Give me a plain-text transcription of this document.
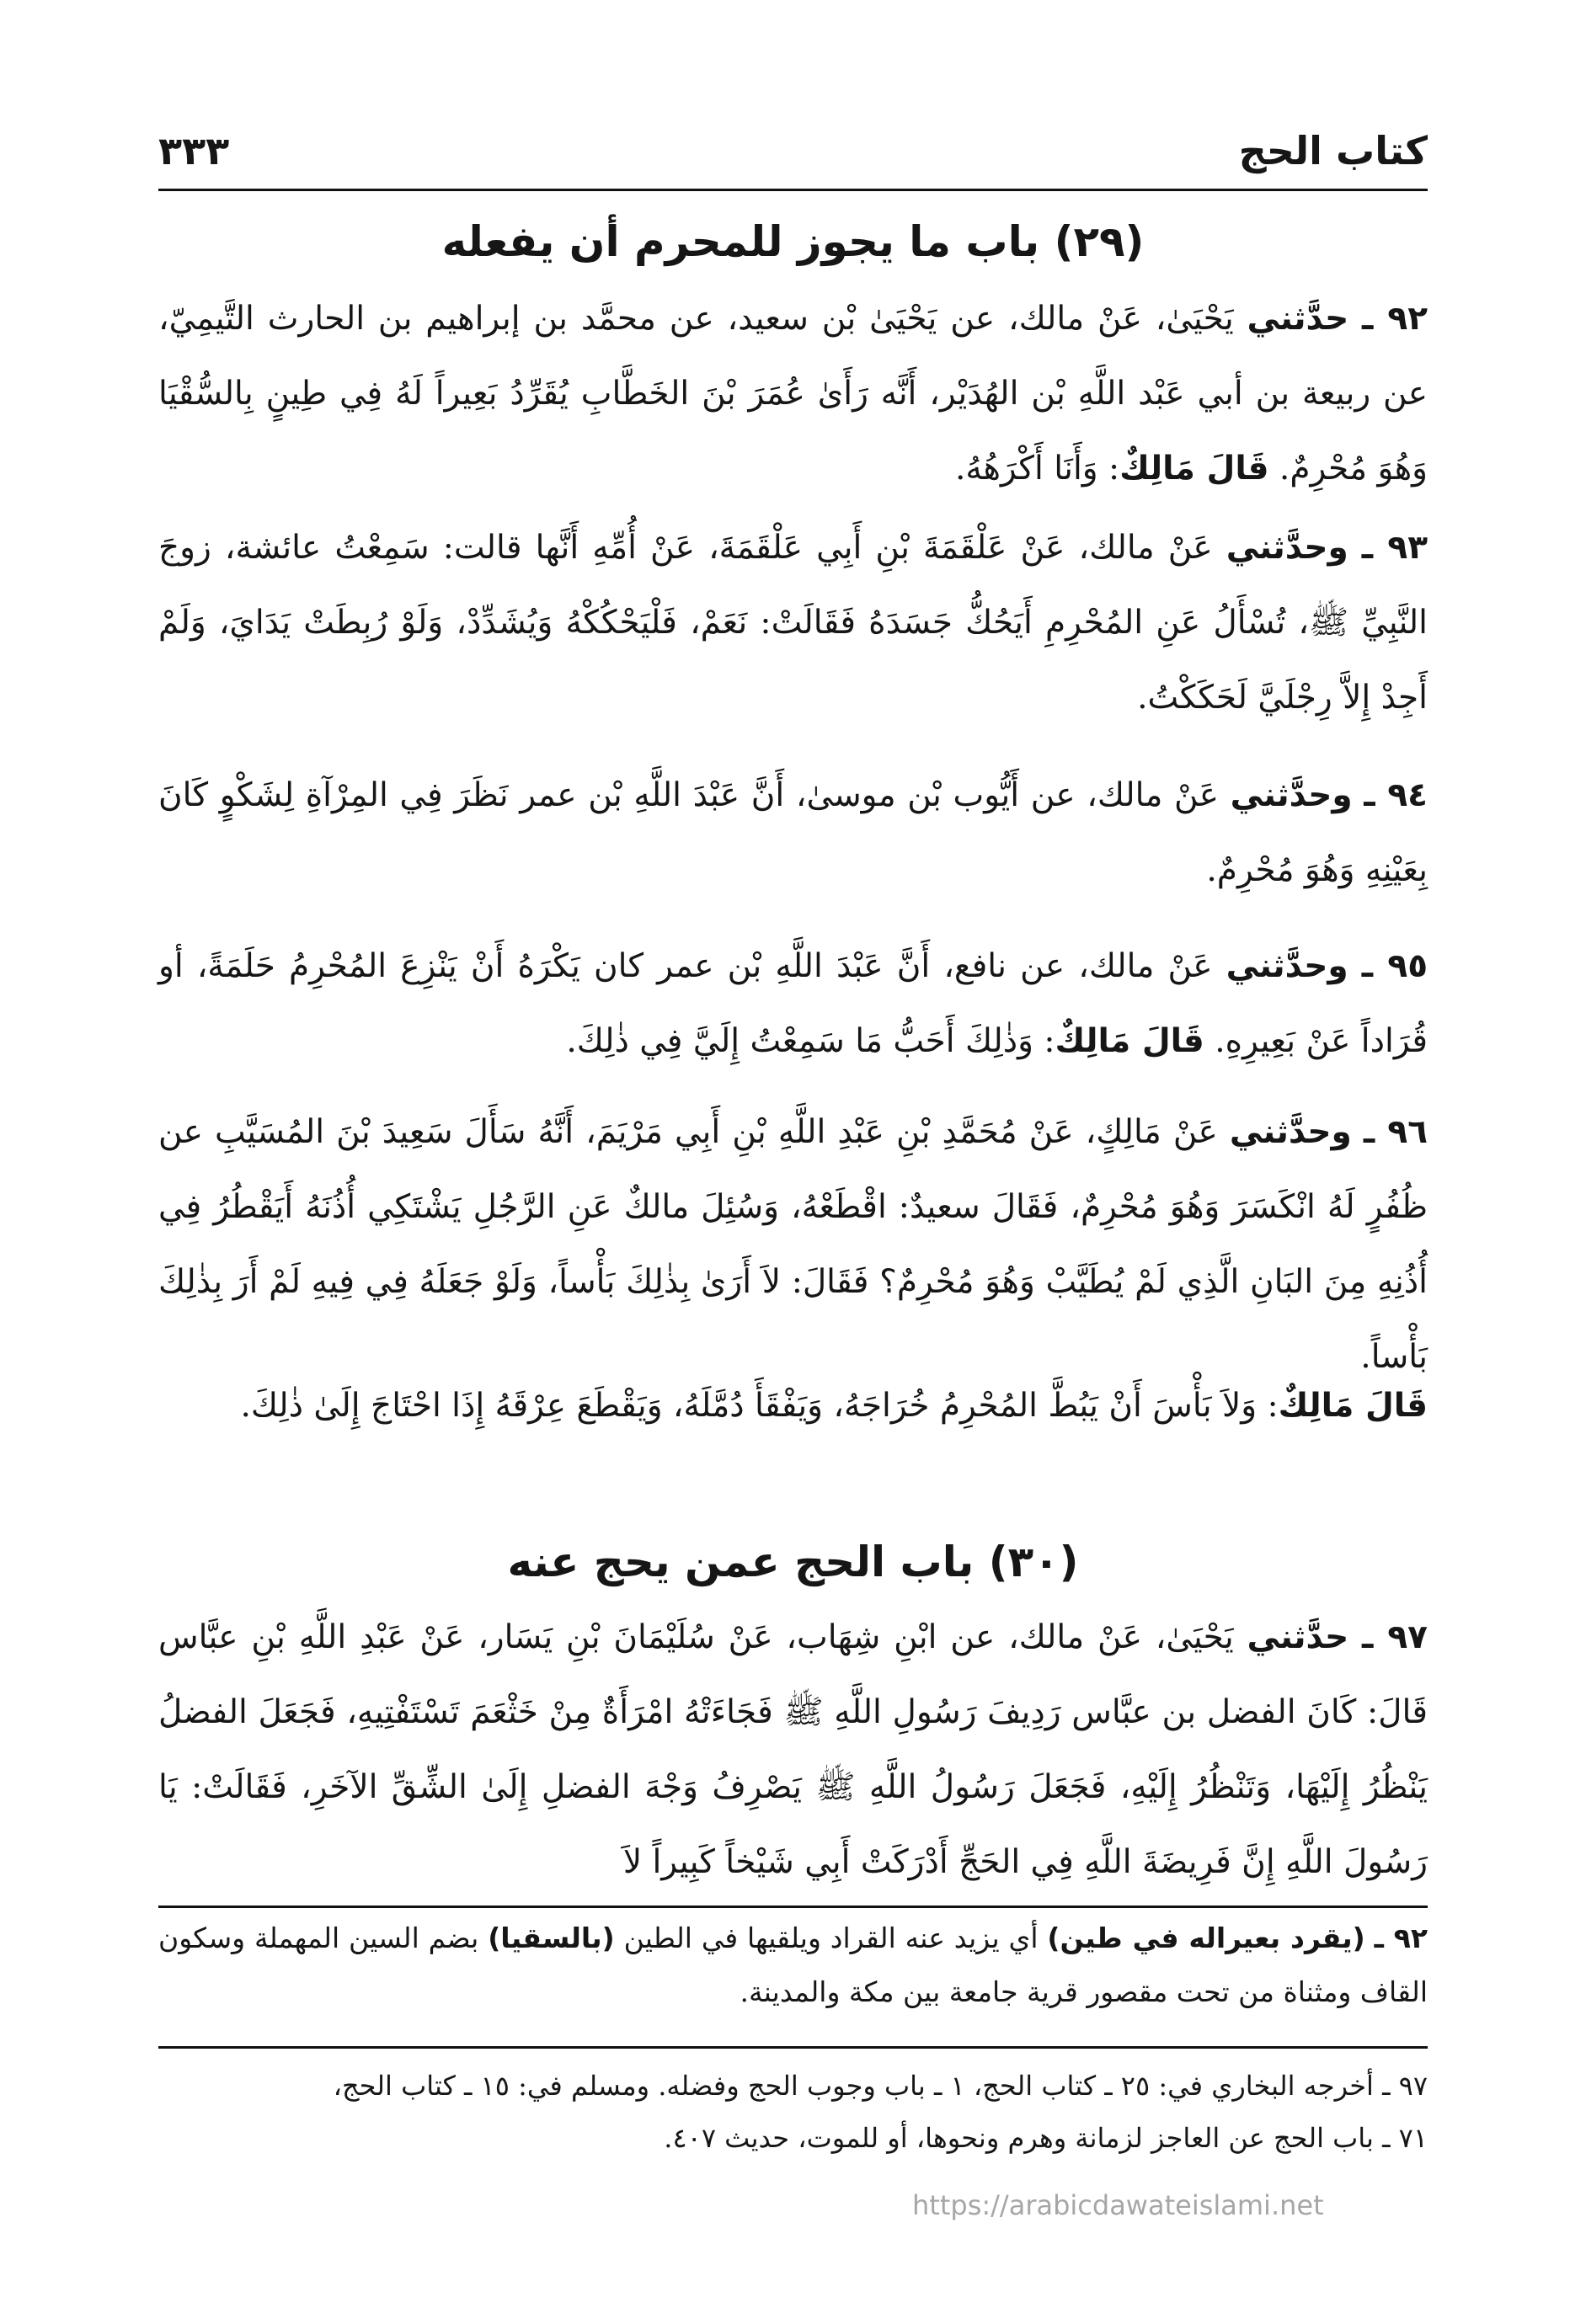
كتاب الحج
٣٣٣
(٢٩) باب ما يجوز للمحرم أن يفعله
٩٢ ـ حدَّثني يَحْيَىٰ، عَنْ مالك، عن يَحْيَىٰ بْن سعيد، عن محمَّد بن إبراهيم بن الحارث التَّيمِيّ، عن ربيعة بن أبي عَبْد اللَّهِ بْن الهُدَيْر، أَنَّه رَأَىٰ عُمَرَ بْنَ الخَطَّابِ يُقَرِّدُ بَعِيراً لَهُ فِي طِينٍ بِالسُّقْيَا وَهُوَ مُحْرِمٌ. قَالَ مَالِكٌ: وَأَنَا أَكْرَهُهُ.
٩٣ ـ وحدَّثني عَنْ مالك، عَنْ عَلْقَمَةَ بْنِ أَبِي عَلْقَمَةَ، عَنْ أُمِّهِ أَنَّها قالت: سَمِعْتُ عائشة، زوجَ النَّبِيِّ ﷺ، تُسْأَلُ عَنِ المُحْرِمِ أَيَحُكُّ جَسَدَهُ فَقَالَتْ: نَعَمْ، فَلْيَحْكُكْهُ وَيُشَدِّدْ، وَلَوْ رُبِطَتْ يَدَايَ، وَلَمْ أَجِدْ إِلاَّ رِجْلَيَّ لَحَكَكْتُ.
٩٤ ـ وحدَّثني عَنْ مالك، عن أَيُّوب بْن موسىٰ، أَنَّ عَبْدَ اللَّهِ بْن عمر نَظَرَ فِي المِرْآةِ لِشَكْوٍ كَانَ بِعَيْنِهِ وَهُوَ مُحْرِمٌ.
٩٥ ـ وحدَّثني عَنْ مالك، عن نافع، أَنَّ عَبْدَ اللَّهِ بْن عمر كان يَكْرَهُ أَنْ يَنْزِعَ المُحْرِمُ حَلَمَةً، أو قُرَاداً عَنْ بَعِيرِهِ. قَالَ مَالِكٌ: وَذٰلِكَ أَحَبُّ مَا سَمِعْتُ إِلَيَّ فِي ذٰلِكَ.
٩٦ ـ وحدَّثني عَنْ مَالِكٍ، عَنْ مُحَمَّدِ بْنِ عَبْدِ اللَّهِ بْنِ أَبِي مَرْيَمَ، أَنَّهُ سَأَلَ سَعِيدَ بْنَ المُسَيَّبِ عن ظُفُرٍ لَهُ انْكَسَرَ وَهُوَ مُحْرِمٌ، فَقَالَ سعيدٌ: اقْطَعْهُ، وَسُئِلَ مالكٌ عَنِ الرَّجُلِ يَشْتَكِي أُذُنَهُ أَيَقْطُرُ فِي أُذُنِهِ مِنَ البَانِ الَّذِي لَمْ يُطَيَّبْ وَهُوَ مُحْرِمٌ؟ فَقَالَ: لاَ أَرَىٰ بِذٰلِكَ بَأْساً، وَلَوْ جَعَلَهُ فِي فِيهِ لَمْ أَرَ بِذٰلِكَ بَأْساً.
قَالَ مَالِكٌ: وَلاَ بَأْسَ أَنْ يَبُطَّ المُحْرِمُ خُرَاجَهُ، وَيَفْقَأَ دُمَّلَهُ، وَيَقْطَعَ عِرْقَهُ إِذَا احْتَاجَ إِلَىٰ ذٰلِكَ.
(٣٠) باب الحج عمن يحج عنه
٩٧ ـ حدَّثني يَحْيَىٰ، عَنْ مالك، عن ابْنِ شِهَاب، عَنْ سُلَيْمَانَ بْنِ يَسَار، عَنْ عَبْدِ اللَّهِ بْنِ عبَّاس قَالَ: كَانَ الفضل بن عبَّاس رَدِيفَ رَسُولِ اللَّهِ ﷺ فَجَاءَتْهُ امْرَأَةٌ مِنْ خَثْعَمَ تَسْتَفْتِيهِ، فَجَعَلَ الفضلُ يَنْظُرُ إِلَيْهَا، وَتَنْظُرُ إِلَيْهِ، فَجَعَلَ رَسُولُ اللَّهِ ﷺ يَصْرِفُ وَجْهَ الفضلِ إِلَىٰ الشِّقِّ الآخَرِ، فَقَالَتْ: يَا رَسُولَ اللَّهِ إِنَّ فَرِيضَةَ اللَّهِ فِي الحَجِّ أَدْرَكَتْ أَبِي شَيْخاً كَبِيراً لاَ
٩٢ ـ (يقرد بعيراله في طين) أي يزيد عنه القراد ويلقيها في الطين (بالسقيا) بضم السين المهملة وسكون القاف ومثناة من تحت مقصور قرية جامعة بين مكة والمدينة.
٩٧ ـ أخرجه البخاري في: ٢٥ ـ كتاب الحج، ١ ـ باب وجوب الحج وفضله. ومسلم في: ١٥ ـ كتاب الحج،
٧١ ـ باب الحج عن العاجز لزمانة وهرم ونحوها، أو للموت، حديث ٤٠٧.
https://arabicdawateislami.net
